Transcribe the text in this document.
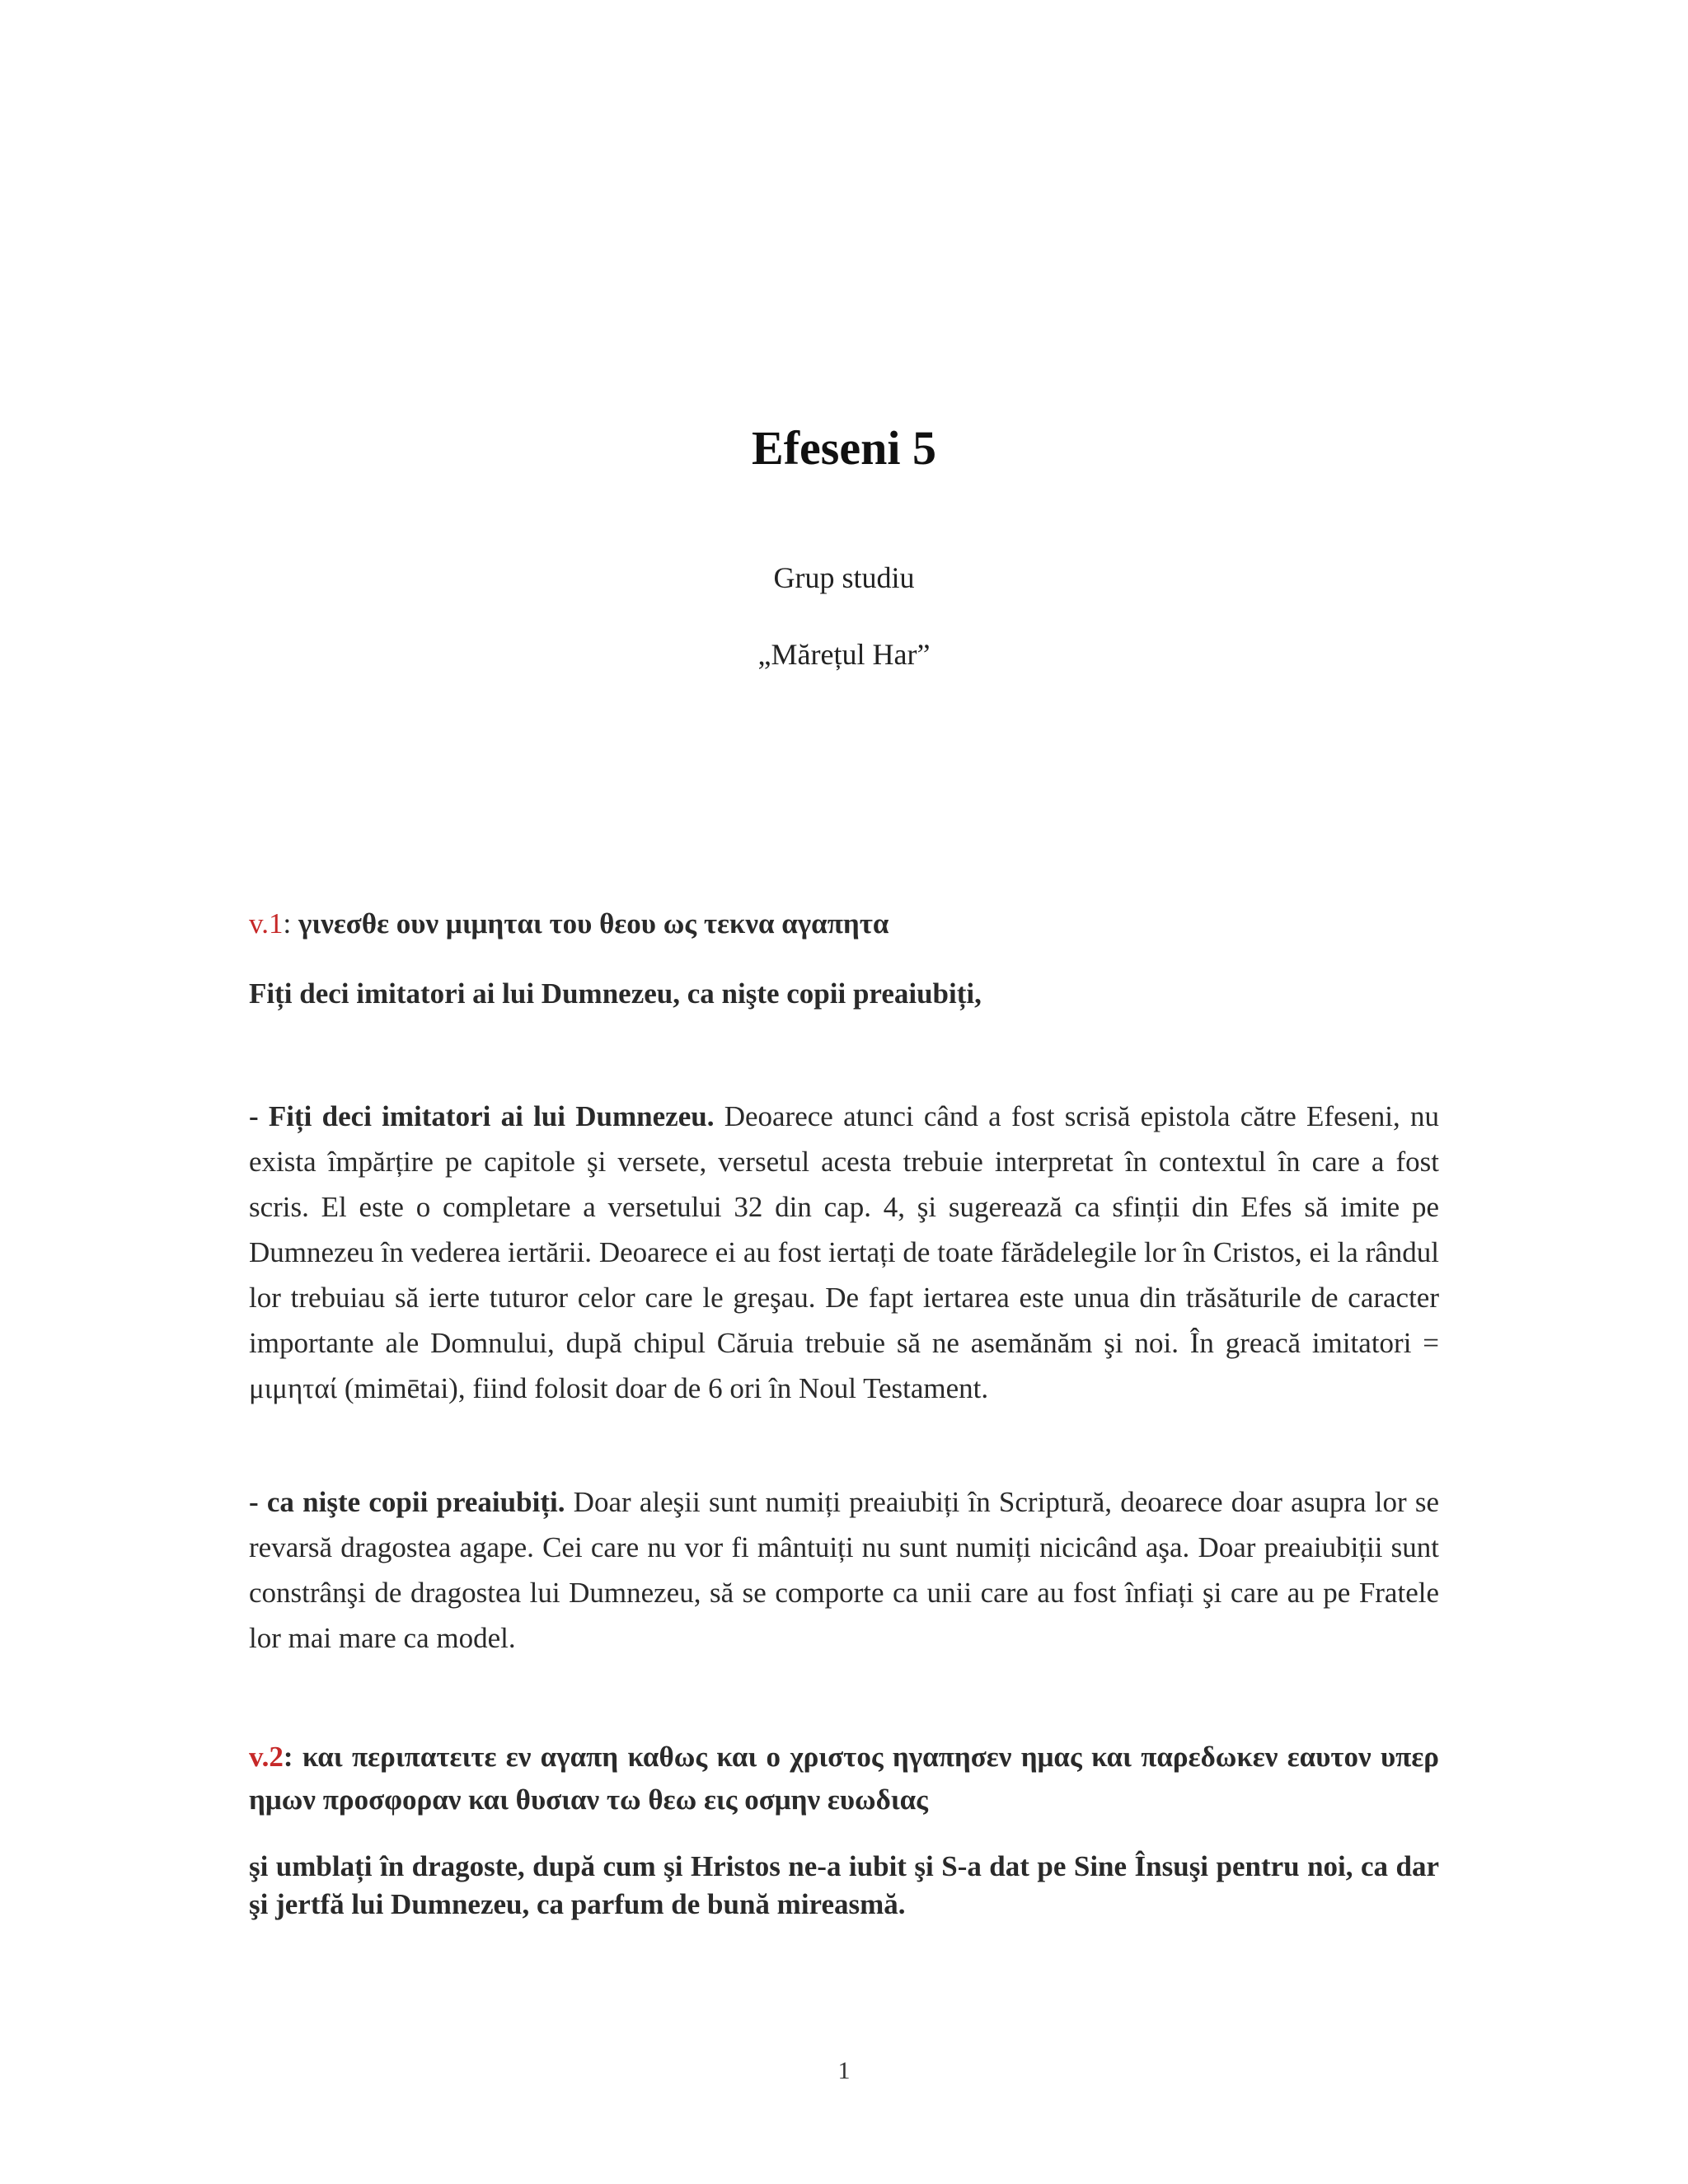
Efeseni 5

Grup studiu

„Mărețul Har”

v.1: γινεσθε ουν μιμηται του θεου ως τεκνα αγαπητα

Fiți deci imitatori ai lui Dumnezeu, ca nişte copii preaiubiți,

- Fiți deci imitatori ai lui Dumnezeu. Deoarece atunci când a fost scrisă epistola către Efeseni, nu exista împărțire pe capitole şi versete, versetul acesta trebuie interpretat în contextul în care a fost scris. El este o completare a versetului 32 din cap. 4, şi sugerează ca sfinții din Efes să imite pe Dumnezeu în vederea iertării. Deoarece ei au fost iertați de toate fărădelegile lor în Cristos, ei la rândul lor trebuiau să ierte tuturor celor care le greşau. De fapt iertarea este unua din trăsăturile de caracter importante ale Domnului, după chipul Căruia trebuie să ne asemănăm şi noi. În greacă imitatori = μιμηταί (mimētai), fiind folosit doar de 6 ori în Noul Testament.

- ca nişte copii preaiubiți. Doar aleşii sunt numiți preaiubiți în Scriptură, deoarece doar asupra lor se revarsă dragostea agape. Cei care nu vor fi mântuiți nu sunt numiți nicicând aşa. Doar preaiubiții sunt constrânşi de dragostea lui Dumnezeu, să se comporte ca unii care au fost înfiați şi care au pe Fratele lor mai mare ca model.

v.2: και περιπατειτε εν αγαπη καθως και ο χριστος ηγαπησεν ημας και παρεδωκεν εαυτον υπερ ημων προσφοραν και θυσιαν τω θεω εις οσμην ευωδιας

şi umblați în dragoste, după cum şi Hristos ne-a iubit şi S-a dat pe Sine Însuşi pentru noi, ca dar şi jertfă lui Dumnezeu, ca parfum de bună mireasmă.

1
